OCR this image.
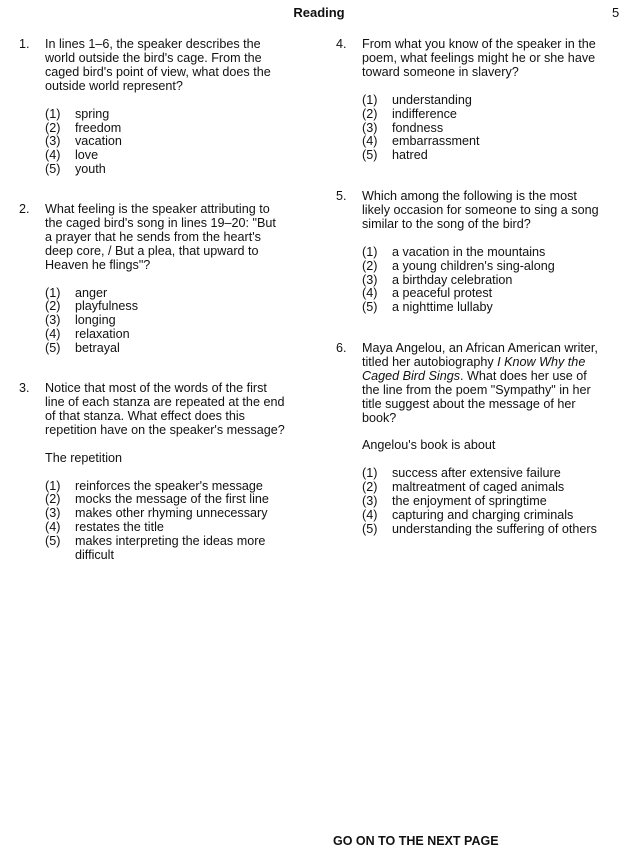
Reading	5
1. In lines 1–6, the speaker describes the
world outside the bird's cage. From the
caged bird's point of view, what does the
outside world represent?

(1)	spring
(2)	freedom
(3)	vacation
(4)	love
(5)	youth
2. What feeling is the speaker attributing to
the caged bird's song in lines 19–20: "But
a prayer that he sends from the heart's
deep core, / But a plea, that upward to
Heaven he flings"?

(1)	anger
(2)	playfulness
(3)	longing
(4)	relaxation
(5)	betrayal
3. Notice that most of the words of the first
line of each stanza are repeated at the end
of that stanza. What effect does this
repetition have on the speaker's message?

The repetition

(1)	reinforces the speaker's message
(2)	mocks the message of the first line
(3)	makes other rhyming unnecessary
(4)	restates the title
(5)	makes interpreting the ideas more
difficult
4. From what you know of the speaker in the
poem, what feelings might he or she have
toward someone in slavery?

(1)	understanding
(2)	indifference
(3)	fondness
(4)	embarrassment
(5)	hatred
5. Which among the following is the most
likely occasion for someone to sing a song
similar to the song of the bird?

(1)	a vacation in the mountains
(2)	a young children's sing-along
(3)	a birthday celebration
(4)	a peaceful protest
(5)	a nighttime lullaby
6. Maya Angelou, an African American writer,
titled her autobiography I Know Why the
Caged Bird Sings. What does her use of
the line from the poem "Sympathy" in her
title suggest about the message of her
book?

Angelou's book is about

(1)	success after extensive failure
(2)	maltreatment of caged animals
(3)	the enjoyment of springtime
(4)	capturing and charging criminals
(5)	understanding the suffering of others
GO ON TO THE NEXT PAGE
